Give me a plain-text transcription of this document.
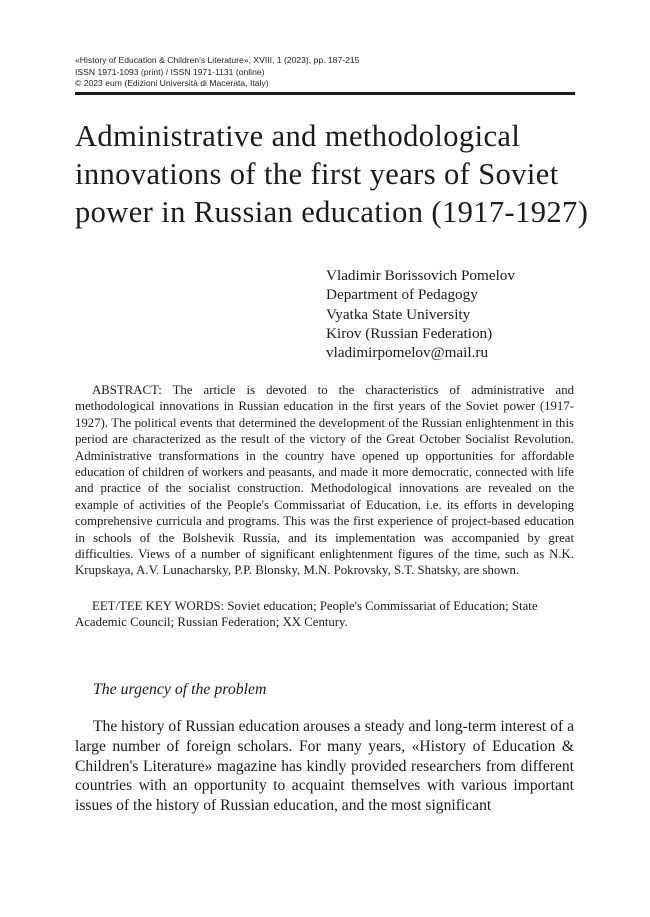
«History of Education & Children's Literature», XVIII, 1 (2023), pp. 187-215
ISSN 1971-1093 (print) / ISSN 1971-1131 (online)
© 2023 eum (Edizioni Università di Macerata, Italy)
Administrative and methodological innovations of the first years of Soviet power in Russian education (1917-1927)
Vladimir Borissovich Pomelov
Department of Pedagogy
Vyatka State University
Kirov (Russian Federation)
vladimirpomelov@mail.ru

ABSTRACT: The article is devoted to the characteristics of administrative and methodological innovations in Russian education in the first years of the Soviet power (1917-1927). The political events that determined the development of the Russian enlightenment in this period are characterized as the result of the victory of the Great October Socialist Revolution. Administrative transformations in the country have opened up opportunities for affordable education of children of workers and peasants, and made it more democratic, connected with life and practice of the socialist construction. Methodological innovations are revealed on the example of activities of the People's Commissariat of Education, i.e. its efforts in developing comprehensive curricula and programs. This was the first experience of project-based education in schools of the Bolshevik Russia, and its implementation was accompanied by great difficulties. Views of a number of significant enlightenment figures of the time, such as N.K. Krupskaya, A.V. Lunacharsky, P.P. Blonsky, M.N. Pokrovsky, S.T. Shatsky, are shown.

EET/TEE KEY WORDS: Soviet education; People's Commissariat of Education; State Academic Council; Russian Federation; XX Century.

The urgency of the problem

The history of Russian education arouses a steady and long-term interest of a large number of foreign scholars. For many years, «History of Education & Children's Literature» magazine has kindly provided researchers from different countries with an opportunity to acquaint themselves with various important issues of the history of Russian education, and the most significant
